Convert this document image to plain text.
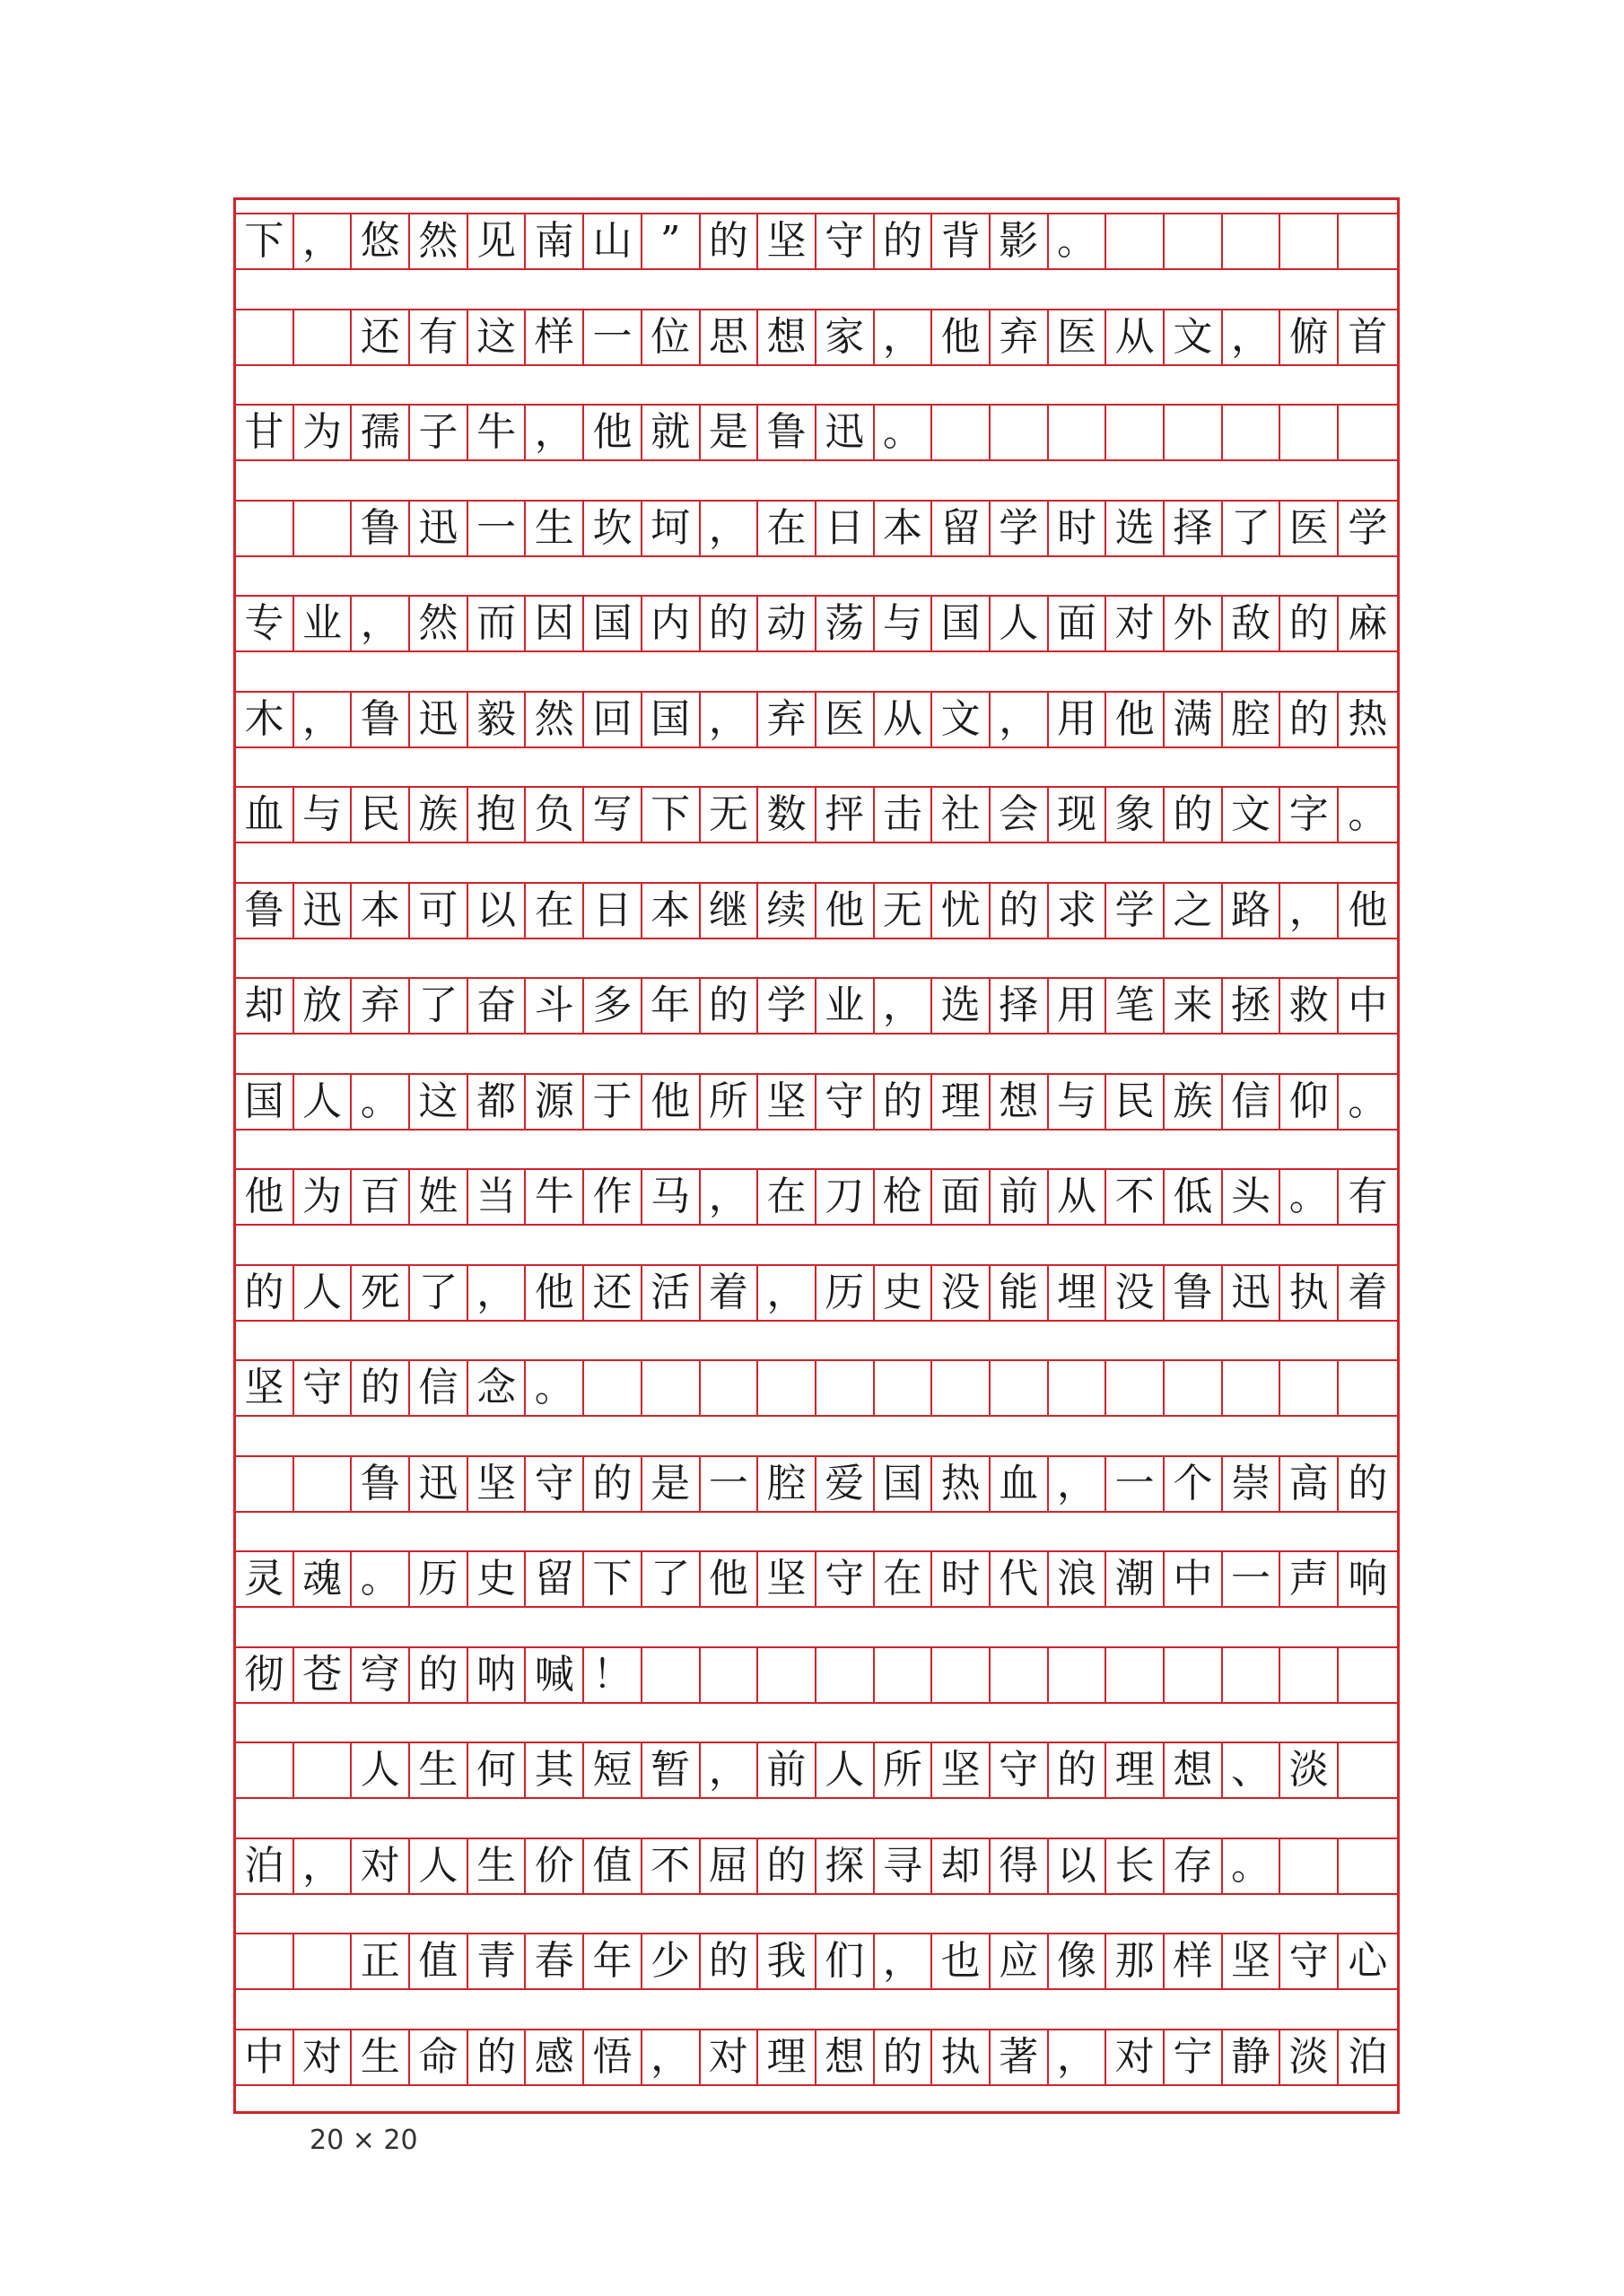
下 ， 悠 然 见 南 山 ” 的 坚 守 的 背 影 。
还 有 这 样 一 位 思 想 家 ， 他 弃 医 从 文 ， 俯 首
甘 为 孺 子 牛 ， 他 就 是 鲁 迅 。
鲁 迅 一 生 坎 坷 ， 在 日 本 留 学 时 选 择 了 医 学
专 业 ， 然 而 因 国 内 的 动 荡 与 国 人 面 对 外 敌 的 麻
木 ， 鲁 迅 毅 然 回 国 ， 弃 医 从 文 ， 用 他 满 腔 的 热
血 与 民 族 抱 负 写 下 无 数 抨 击 社 会 现 象 的 文 字 。
鲁 迅 本 可 以 在 日 本 继 续 他 无 忧 的 求 学 之 路 ， 他
却 放 弃 了 奋 斗 多 年 的 学 业 ， 选 择 用 笔 来 拯 救 中
国 人 。 这 都 源 于 他 所 坚 守 的 理 想 与 民 族 信 仰 。
他 为 百 姓 当 牛 作 马 ， 在 刀 枪 面 前 从 不 低 头 。 有
的 人 死 了 ， 他 还 活 着 ， 历 史 没 能 埋 没 鲁 迅 执 着
坚 守 的 信 念 。
鲁 迅 坚 守 的 是 一 腔 爱 国 热 血 ， 一 个 崇 高 的
灵 魂 。 历 史 留 下 了 他 坚 守 在 时 代 浪 潮 中 一 声 响
彻 苍 穹 的 呐 喊 ！
人 生 何 其 短 暂 ， 前 人 所 坚 守 的 理 想 、 淡
泊 ， 对 人 生 价 值 不 屈 的 探 寻 却 得 以 长 存 。
正 值 青 春 年 少 的 我 们 ， 也 应 像 那 样 坚 守 心
中 对 生 命 的 感 悟 ， 对 理 想 的 执 著 ， 对 宁 静 淡 泊
20 × 20
